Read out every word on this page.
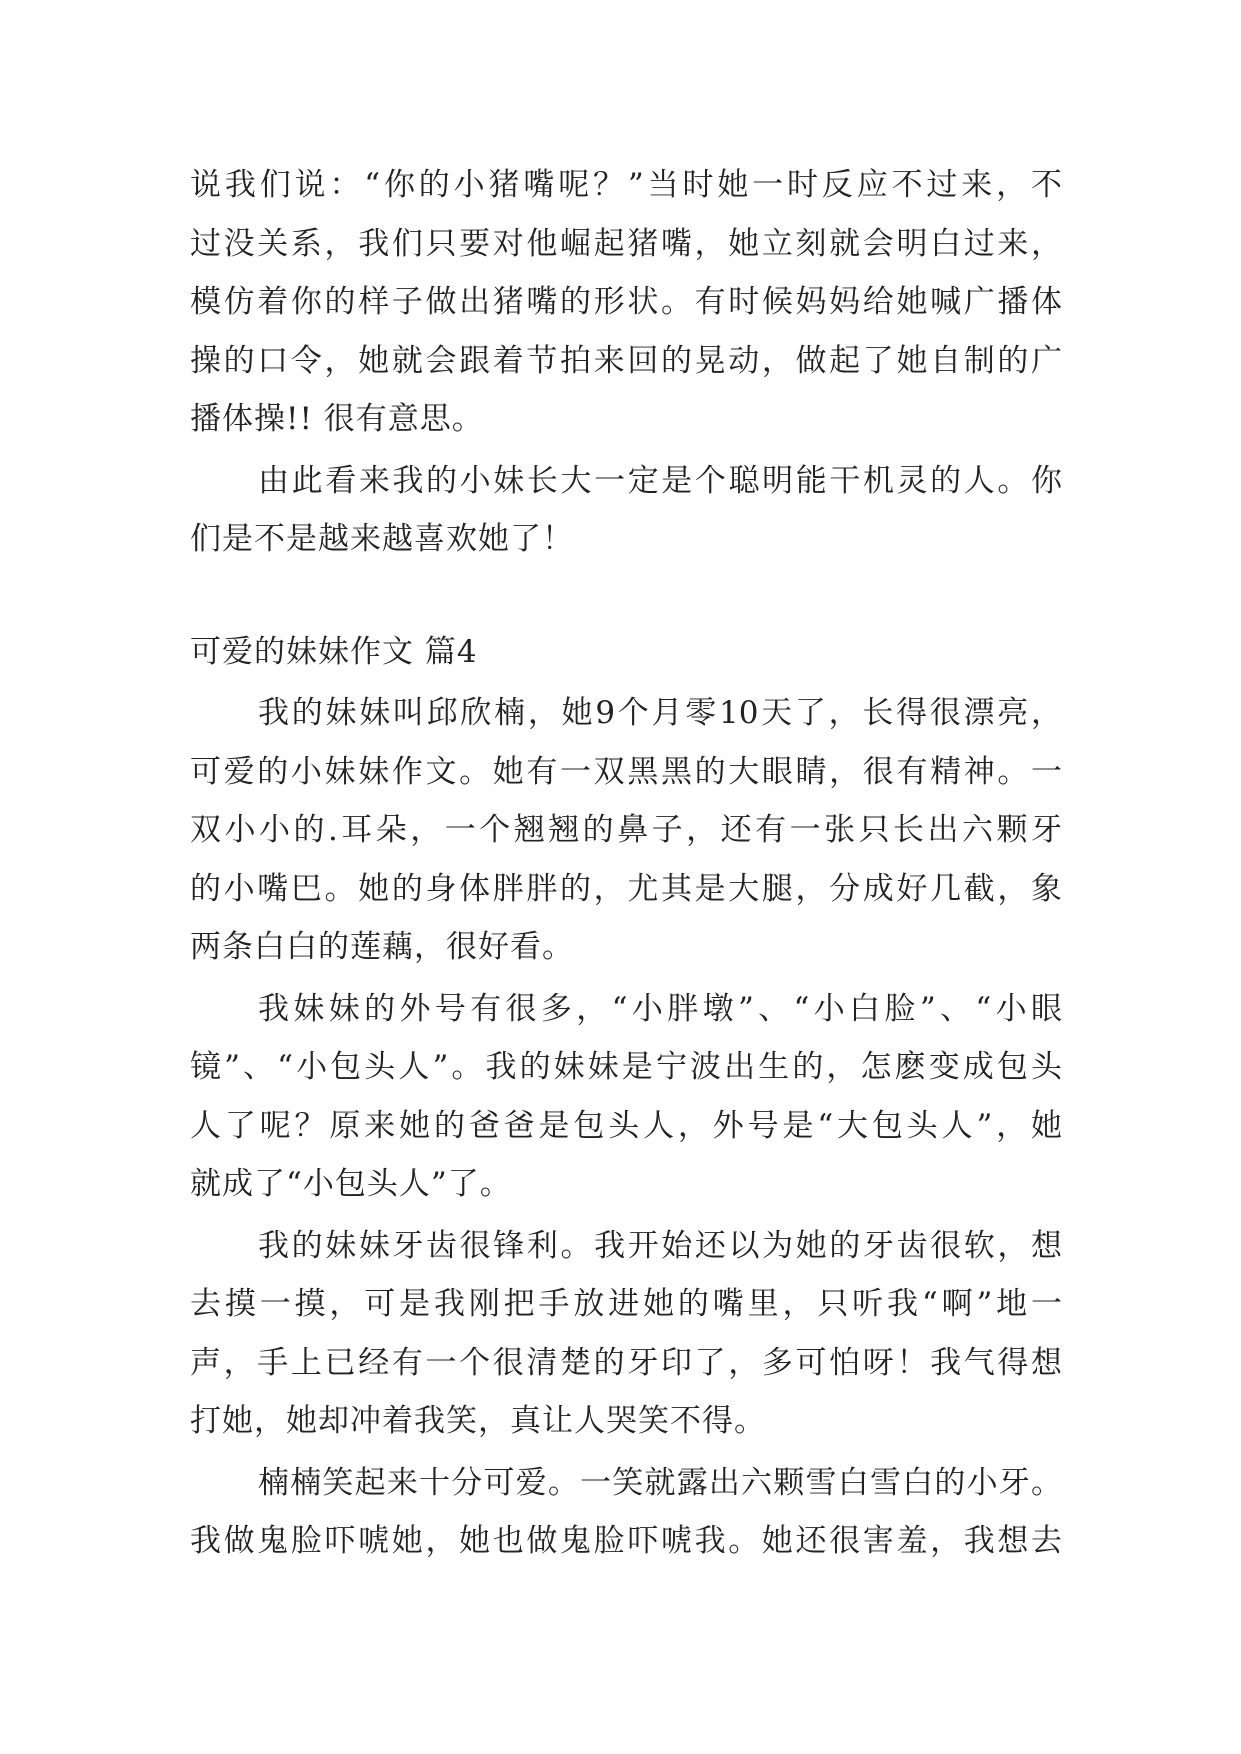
说我们说：“你的小猪嘴呢？”当时她一时反应不过来，不
过没关系，我们只要对他崛起猪嘴，她立刻就会明白过来，
模仿着你的样子做出猪嘴的形状。有时候妈妈给她喊广播体
操的口令，她就会跟着节拍来回的晃动，做起了她自制的广
播体操!! 很有意思。
由此看来我的小妹长大一定是个聪明能干机灵的人。你
们是不是越来越喜欢她了！
可爱的妹妹作文 篇4
我的妹妹叫邱欣楠，她9个月零10天了，长得很漂亮，
可爱的小妹妹作文。她有一双黑黑的大眼睛，很有精神。一
双小小的.耳朵，一个翘翘的鼻子，还有一张只长出六颗牙
的小嘴巴。她的身体胖胖的，尤其是大腿，分成好几截，象
两条白白的莲藕，很好看。
我妹妹的外号有很多，“小胖墩”、“小白脸”、“小眼
镜”、“小包头人”。我的妹妹是宁波出生的，怎麽变成包头
人了呢？原来她的爸爸是包头人，外号是“大包头人”，她
就成了“小包头人”了。
我的妹妹牙齿很锋利。我开始还以为她的牙齿很软，想
去摸一摸，可是我刚把手放进她的嘴里，只听我“啊”地一
声，手上已经有一个很清楚的牙印了，多可怕呀！我气得想
打她，她却冲着我笑，真让人哭笑不得。
楠楠笑起来十分可爱。一笑就露出六颗雪白雪白的小牙。
我做鬼脸吓唬她，她也做鬼脸吓唬我。她还很害羞，我想去
